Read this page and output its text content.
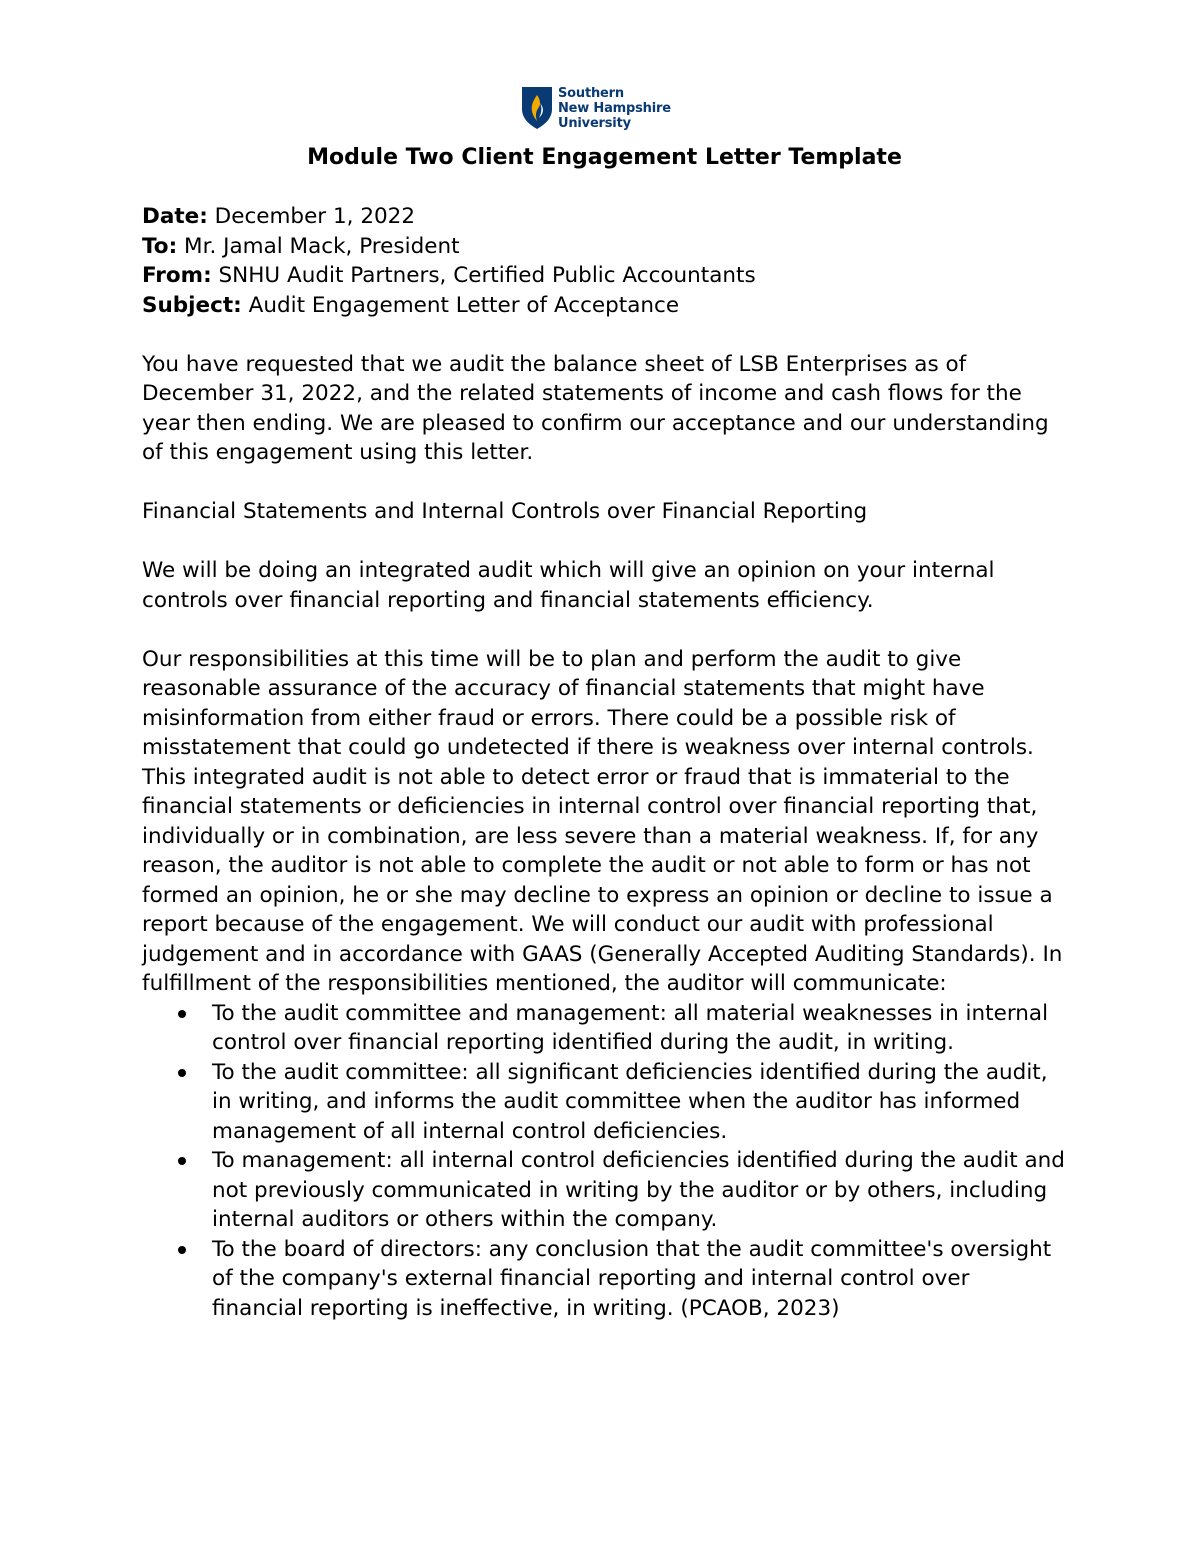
Southern
New Hampshire
University
Module Two Client Engagement Letter Template

Date: December 1, 2022

To: Mr. Jamal Mack, President

From: SNHU Audit Partners, Certified Public Accountants

Subject: Audit Engagement Letter of Acceptance

You have requested that we audit the balance sheet of LSB Enterprises as of December 31, 2022, and the related statements of income and cash flows for the year then ending. We are pleased to confirm our acceptance and our understanding of this engagement using this letter.

Financial Statements and Internal Controls over Financial Reporting

We will be doing an integrated audit which will give an opinion on your internal controls over financial reporting and financial statements efficiency.

Our responsibilities at this time will be to plan and perform the audit to give reasonable assurance of the accuracy of financial statements that might have misinformation from either fraud or errors. There could be a possible risk of misstatement that could go undetected if there is weakness over internal controls. This integrated audit is not able to detect error or fraud that is immaterial to the financial statements or deficiencies in internal control over financial reporting that, individually or in combination, are less severe than a material weakness. If, for any reason, the auditor is not able to complete the audit or not able to form or has not formed an opinion, he or she may decline to express an opinion or decline to issue a report because of the engagement. We will conduct our audit with professional judgement and in accordance with GAAS (Generally Accepted Auditing Standards). In fulfillment of the responsibilities mentioned, the auditor will communicate:

To the audit committee and management: all material weaknesses in internal control over financial reporting identified during the audit, in writing.
To the audit committee: all significant deficiencies identified during the audit, in writing, and informs the audit committee when the auditor has informed management of all internal control deficiencies.
To management: all internal control deficiencies identified during the audit and not previously communicated in writing by the auditor or by others, including internal auditors or others within the company.
To the board of directors: any conclusion that the audit committee's oversight of the company's external financial reporting and internal control over financial reporting is ineffective, in writing. (PCAOB, 2023)
